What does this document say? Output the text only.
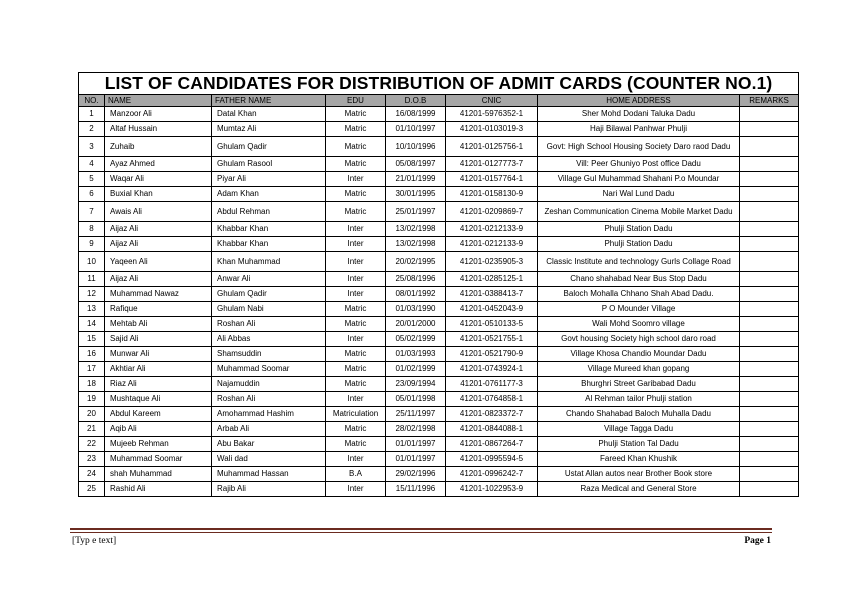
LIST OF CANDIDATES FOR DISTRIBUTION OF ADMIT CARDS (COUNTER NO.1)							
NO.	NAME	FATHER NAME	EDU	D.O.B	CNIC	HOME ADDRESS	REMARKS
1	Manzoor Ali	Datal Khan	Matric	16/08/1999	41201-5976352-1	Sher Mohd Dodani Taluka Dadu	
2	Altaf Hussain	Mumtaz Ali	Matric	01/10/1997	41201-0103019-3	Haji Bilawal Panhwar Phulji	
3	Zuhaib	Ghulam Qadir	Matric	10/10/1996	41201-0125756-1	Govt: High School Housing Society Daro raod Dadu	
4	Ayaz Ahmed	Ghulam Rasool	Matric	05/08/1997	41201-0127773-7	Vill: Peer Ghuniyo Post office Dadu	
5	Waqar Ali	Piyar Ali	Inter	21/01/1999	41201-0157764-1	Village Gul Muhammad Shahani P.o Moundar	
6	Buxial Khan	Adam Khan	Matric	30/01/1995	41201-0158130-9	Nari Wal Lund Dadu	
7	Awais Ali	Abdul Rehman	Matric	25/01/1997	41201-0209869-7	Zeshan Communication Cinema Mobile Market Dadu	
8	Aijaz Ali	Khabbar Khan	Inter	13/02/1998	41201-0212133-9	Phulji Station Dadu	
9	Aijaz Ali	Khabbar Khan	Inter	13/02/1998	41201-0212133-9	Phulji Station Dadu	
10	Yaqeen Ali	Khan Muhammad	Inter	20/02/1995	41201-0235905-3	Classic Institute and technology Gurls Collage Road	
11	Aijaz Ali	Anwar Ali	Inter	25/08/1996	41201-0285125-1	Chano shahabad Near Bus Stop Dadu	
12	Muhammad Nawaz	Ghulam Qadir	Inter	08/01/1992	41201-0388413-7	Baloch Mohalla Chhano Shah Abad Dadu.	
13	Rafique	Ghulam Nabi	Matric	01/03/1990	41201-0452043-9	P O Mounder Village	
14	Mehtab Ali	Roshan Ali	Matric	20/01/2000	41201-0510133-5	Wali Mohd Soomro village	
15	Sajid Ali	Ali Abbas	Inter	05/02/1999	41201-0521755-1	Govt housing Society high school daro road	
16	Munwar Ali	Shamsuddin	Matric	01/03/1993	41201-0521790-9	Village Khosa Chandio Moundar Dadu	
17	Akhtiar Ali	Muhammad Soomar	Matric	01/02/1999	41201-0743924-1	Village Mureed khan gopang	
18	Riaz Ali	Najamuddin	Matric	23/09/1994	41201-0761177-3	Bhurghri Street Garibabad Dadu	
19	Mushtaque Ali	Roshan Ali	Inter	05/01/1998	41201-0764858-1	Al Rehman tailor Phulji station	
20	Abdul Kareem	Amohammad Hashim	Matriculation	25/11/1997	41201-0823372-7	Chando Shahabad Baloch Muhalla Dadu	
21	Aqib Ali	Arbab Ali	Matric	28/02/1998	41201-0844088-1	Village Tagga Dadu	
22	Mujeeb Rehman	Abu Bakar	Matric	01/01/1997	41201-0867264-7	Phulji Station Tal Dadu	
23	Muhammad Soomar	Wali dad	Inter	01/01/1997	41201-0995594-5	Fareed Khan Khushik	
24	shah Muhammad	Muhammad Hassan	B.A	29/02/1996	41201-0996242-7	Ustat Allan autos near Brother Book store	
25	Rashid Ali	Rajib Ali	Inter	15/11/1996	41201-1022953-9	Raza Medical and General Store	
[Typ e text]	Page 1
